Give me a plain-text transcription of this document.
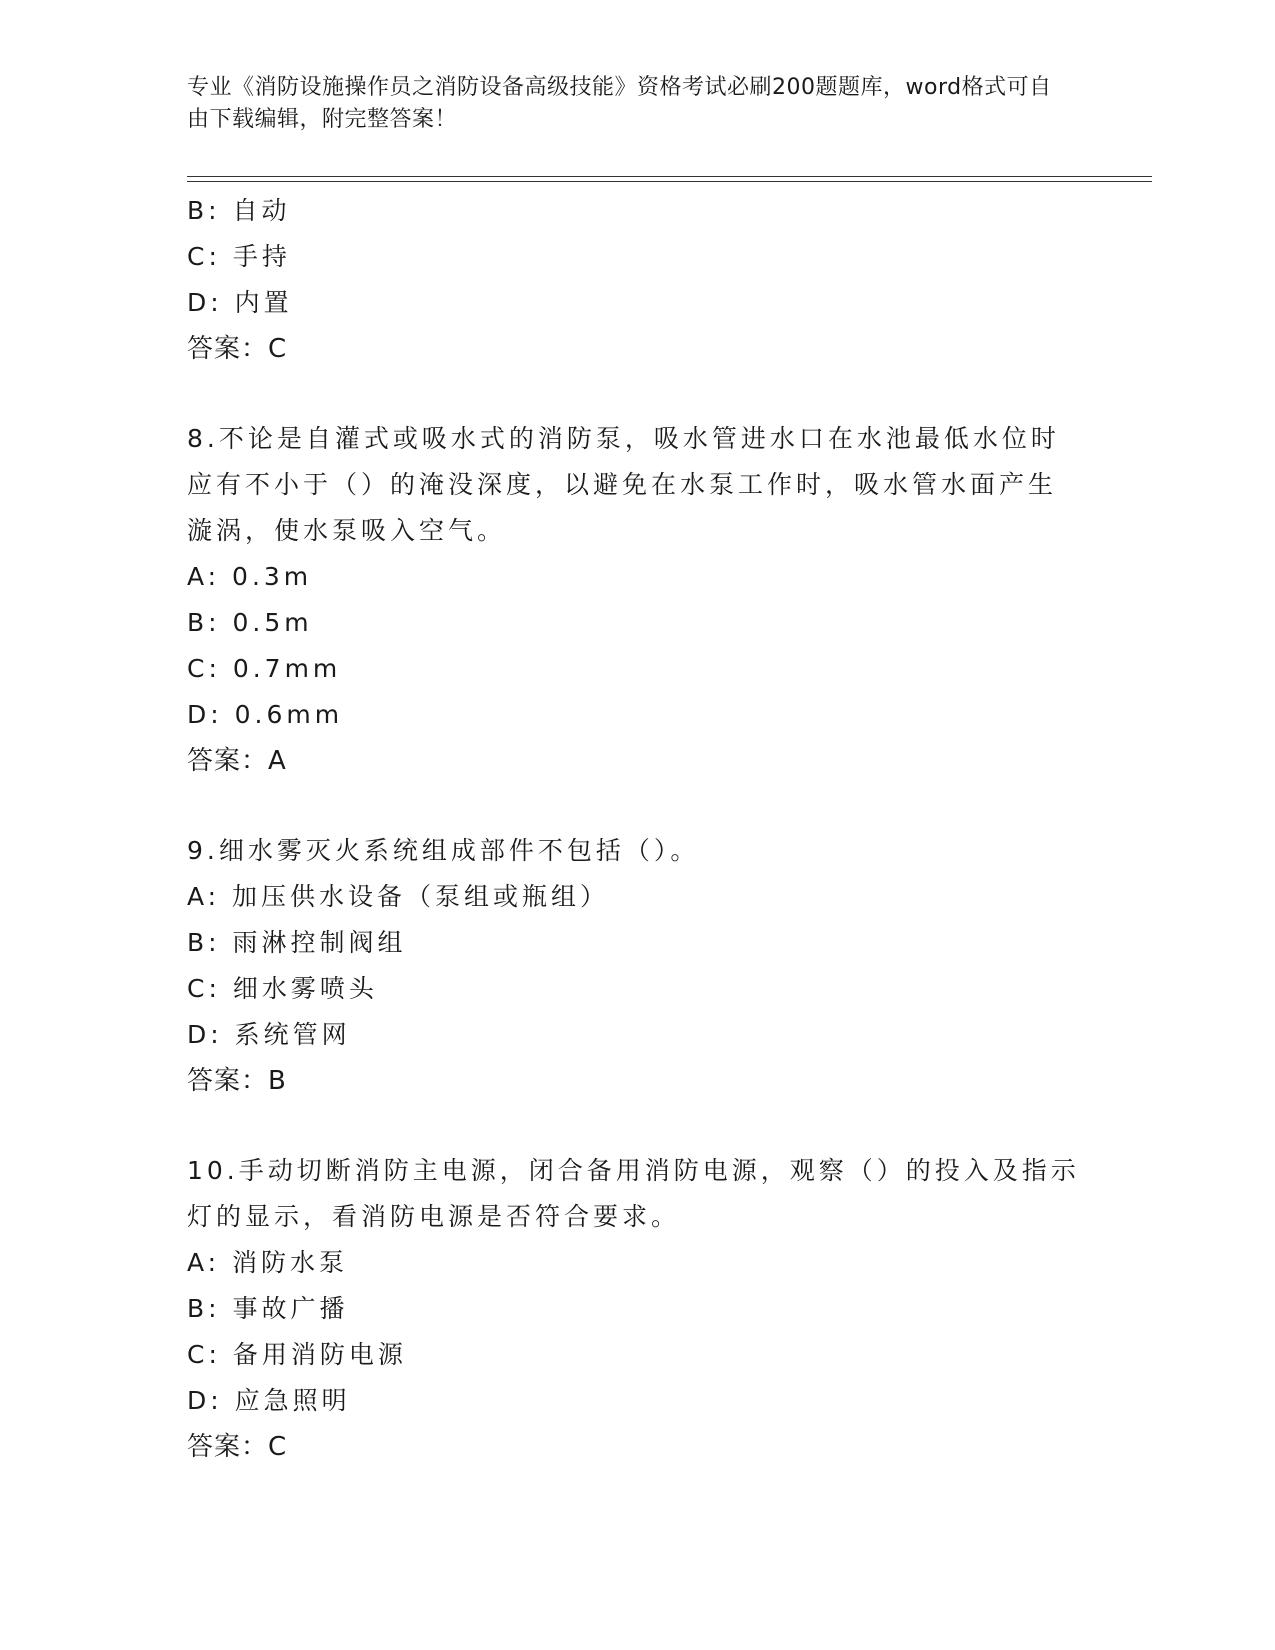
专业《消防设施操作员之消防设备高级技能》资格考试必刷200题题库，word格式可自由下载编辑，附完整答案！

B: 自动

C: 手持

D: 内置

答案：C

8.不论是自灌式或吸水式的消防泵，吸水管进水口在水池最低水位时

应有不小于（）的淹没深度，以避免在水泵工作时，吸水管水面产生

漩涡，使水泵吸入空气。

A: 0.3m

B: 0.5m

C: 0.7mm

D: 0.6mm

答案：A

9.细水雾灭火系统组成部件不包括（）。

A: 加压供水设备（泵组或瓶组）

B: 雨淋控制阀组

C: 细水雾喷头

D: 系统管网

答案：B

10.手动切断消防主电源，闭合备用消防电源，观察（）的投入及指示

灯的显示，看消防电源是否符合要求。

A: 消防水泵

B: 事故广播

C: 备用消防电源

D: 应急照明

答案：C
